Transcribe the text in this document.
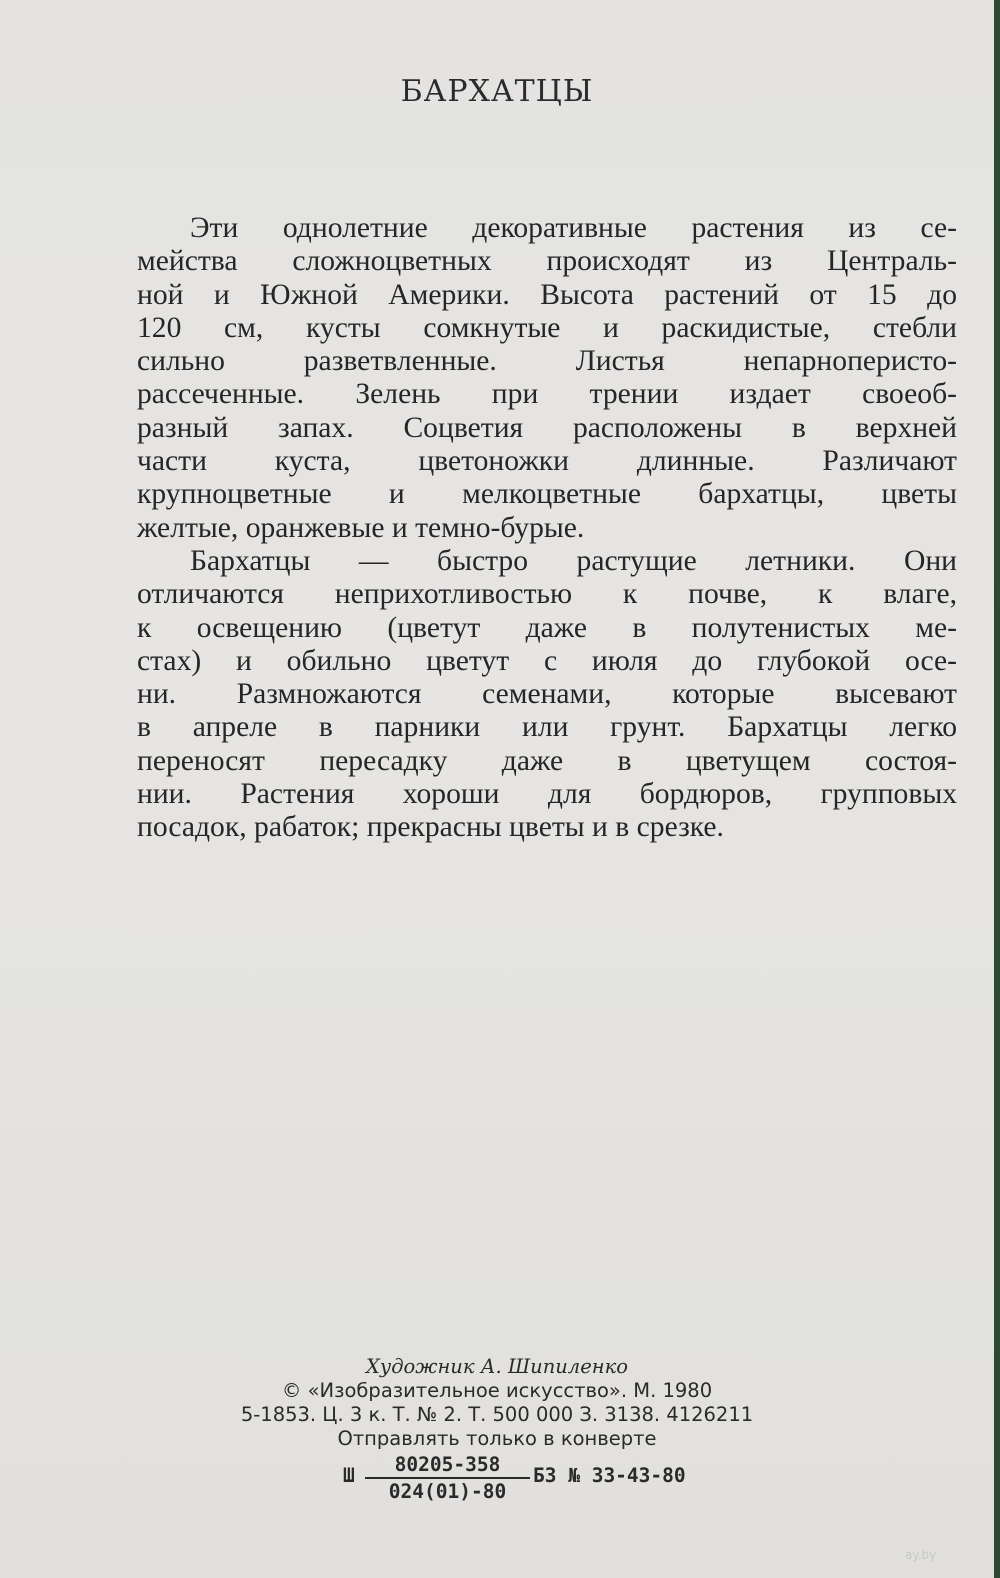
БАРХАТЦЫ
Эти однолетние декоративные растения из се-
мейства сложноцветных происходят из Централь-
ной и Южной Америки. Высота растений от 15 до
120 см, кусты сомкнутые и раскидистые, стебли
сильно разветвленные. Листья непарноперисто-
рассеченные. Зелень при трении издает своеоб-
разный запах. Соцветия расположены в верхней
части куста, цветоножки длинные. Различают
крупноцветные и мелкоцветные бархатцы, цветы
желтые, оранжевые и темно-бурые.
Бархатцы — быстро растущие летники. Они
отличаются неприхотливостью к почве, к влаге,
к освещению (цветут даже в полутенистых ме-
стах) и обильно цветут с июля до глубокой осе-
ни. Размножаются семенами, которые высевают
в апреле в парники или грунт. Бархатцы легко
переносят пересадку даже в цветущем состоя-
нии. Растения хороши для бордюров, групповых
посадок, рабаток; прекрасны цветы и в срезке.
Художник А. Шипиленко
© «Изобразительное искусство». М. 1980
5-1853. Ц. 3 к. Т. № 2. Т. 500 000 З. 3138. 4126211
Отправлять только в конверте
Ш $\frac{80205-358}{024(01)-80}$ БЗ № 33-43-80
ay.by
